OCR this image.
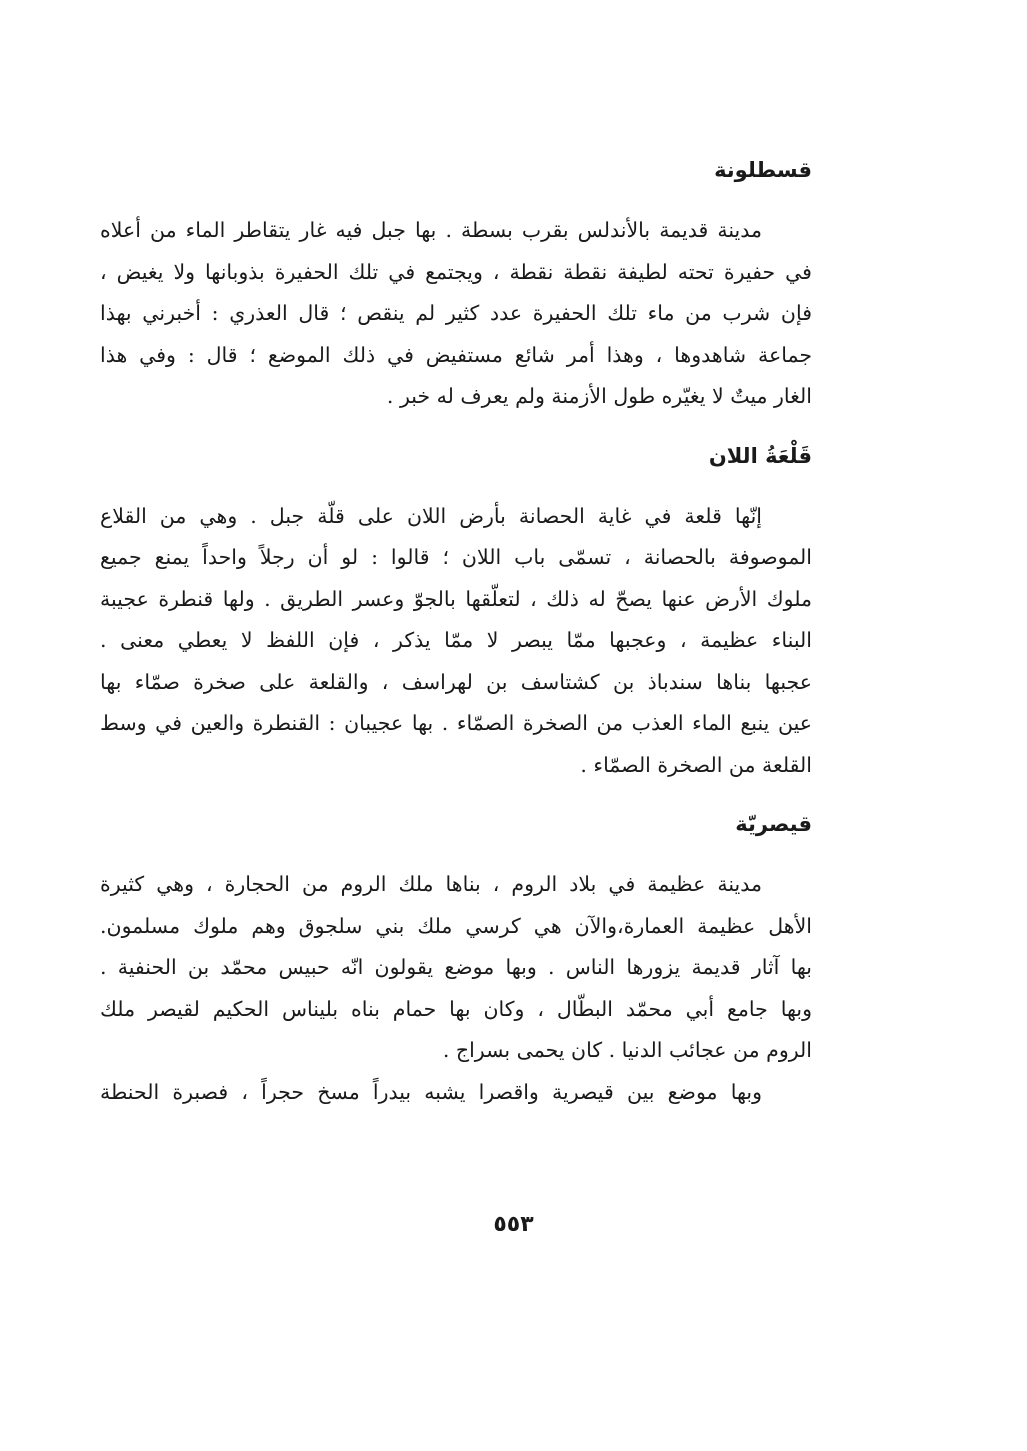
قسطلونة
مدينة قديمة بالأندلس بقرب بسطة . بها جبل فيه غار يتقاطر الماء من أعلاه
في حفيرة تحته لطيفة نقطة نقطة ، ويجتمع في تلك الحفيرة بذوبانها ولا يغيض ،
فإن شرب من ماء تلك الحفيرة عدد كثير لم ينقص ؛ قال العذري : أخبرني بهذا
جماعة شاهدوها ، وهذا أمر شائع مستفيض في ذلك الموضع ؛ قال : وفي هذا
الغار ميتٌ لا يغيّره طول الأزمنة ولم يعرف له خبر .
قَلْعَةُ اللان
إنّها قلعة في غاية الحصانة بأرض اللان على قلّة جبل . وهي من القلاع
الموصوفة بالحصانة ، تسمّى باب اللان ؛ قالوا : لو أن رجلاً واحداً يمنع جميع
ملوك الأرض عنها يصحّ له ذلك ، لتعلّقها بالجوّ وعسر الطريق . ولها قنطرة عجيبة
البناء عظيمة ، وعجبها ممّا يبصر لا ممّا يذكر ، فإن اللفظ لا يعطي معنى .
عجبها بناها سندباذ بن كشتاسف بن لهراسف ، والقلعة على صخرة صمّاء بها
عين ينبع الماء العذب من الصخرة الصمّاء . بها عجيبان : القنطرة والعين في وسط
القلعة من الصخرة الصمّاء .
قيصريّة
مدينة عظيمة في بلاد الروم ، بناها ملك الروم من الحجارة ، وهي كثيرة
الأهل عظيمة العمارة،والآن هي كرسي ملك بني سلجوق وهم ملوك مسلمون.
بها آثار قديمة يزورها الناس . وبها موضع يقولون انّه حبيس محمّد بن الحنفية .
وبها جامع أبي محمّد البطّال ، وكان بها حمام بناه بليناس الحكيم لقيصر ملك
الروم من عجائب الدنيا . كان يحمى بسراج .
وبها موضع بين قيصرية واقصرا يشبه بيدراً مسخ حجراً ، فصبرة الحنطة
٥٥٣
